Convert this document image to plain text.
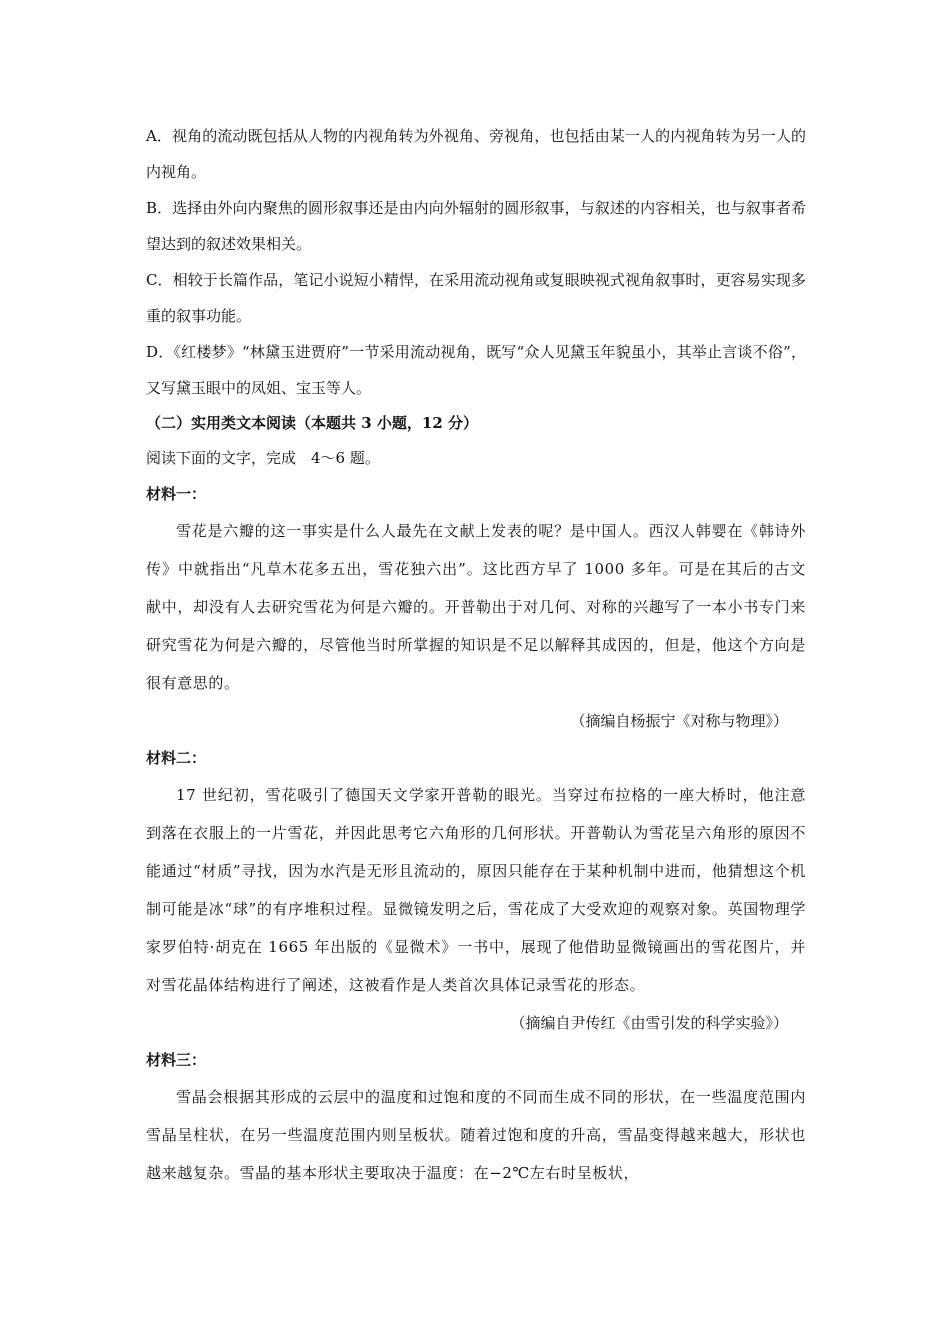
A．视角的流动既包括从人物的内视角转为外视角、旁视角，也包括由某一人的内视角转为另一人的内视角。

B．选择由外向内聚焦的圆形叙事还是由内向外辐射的圆形叙事，与叙述的内容相关，也与叙事者希望达到的叙述效果相关。

C．相较于长篇作品，笔记小说短小精悍，在采用流动视角或复眼映视式视角叙事时，更容易实现多重的叙事功能。

D．《红楼梦》“林黛玉进贾府”一节采用流动视角，既写“众人见黛玉年貌虽小，其举止言谈不俗”，又写黛玉眼中的凤姐、宝玉等人。

（二）实用类文本阅读（本题共 3 小题，12 分）

阅读下面的文字，完成　4～6 题。

材料一：

雪花是六瓣的这一事实是什么人最先在文献上发表的呢？是中国人。西汉人韩婴在《韩诗外传》中就指出“凡草木花多五出，雪花独六出”。这比西方早了 1000 多年。可是在其后的古文献中，却没有人去研究雪花为何是六瓣的。开普勒出于对几何、对称的兴趣写了一本小书专门来研究雪花为何是六瓣的，尽管他当时所掌握的知识是不足以解释其成因的，但是，他这个方向是很有意思的。

（摘编自杨振宁《对称与物理》）

材料二：

17 世纪初，雪花吸引了德国天文学家开普勒的眼光。当穿过布拉格的一座大桥时，他注意到落在衣服上的一片雪花，并因此思考它六角形的几何形状。开普勒认为雪花呈六角形的原因不能通过“材质”寻找，因为水汽是无形且流动的，原因只能存在于某种机制中进而，他猜想这个机制可能是冰“球”的有序堆积过程。显微镜发明之后，雪花成了大受欢迎的观察对象。英国物理学家罗伯特·胡克在 1665 年出版的《显微术》一书中，展现了他借助显微镜画出的雪花图片，并对雪花晶体结构进行了阐述，这被看作是人类首次具体记录雪花的形态。

（摘编自尹传红《由雪引发的科学实验》）

材料三：

雪晶会根据其形成的云层中的温度和过饱和度的不同而生成不同的形状，在一些温度范围内雪晶呈柱状，在另一些温度范围内则呈板状。随着过饱和度的升高，雪晶变得越来越大，形状也越来越复杂。雪晶的基本形状主要取决于温度：在−2℃左右时呈板状，
